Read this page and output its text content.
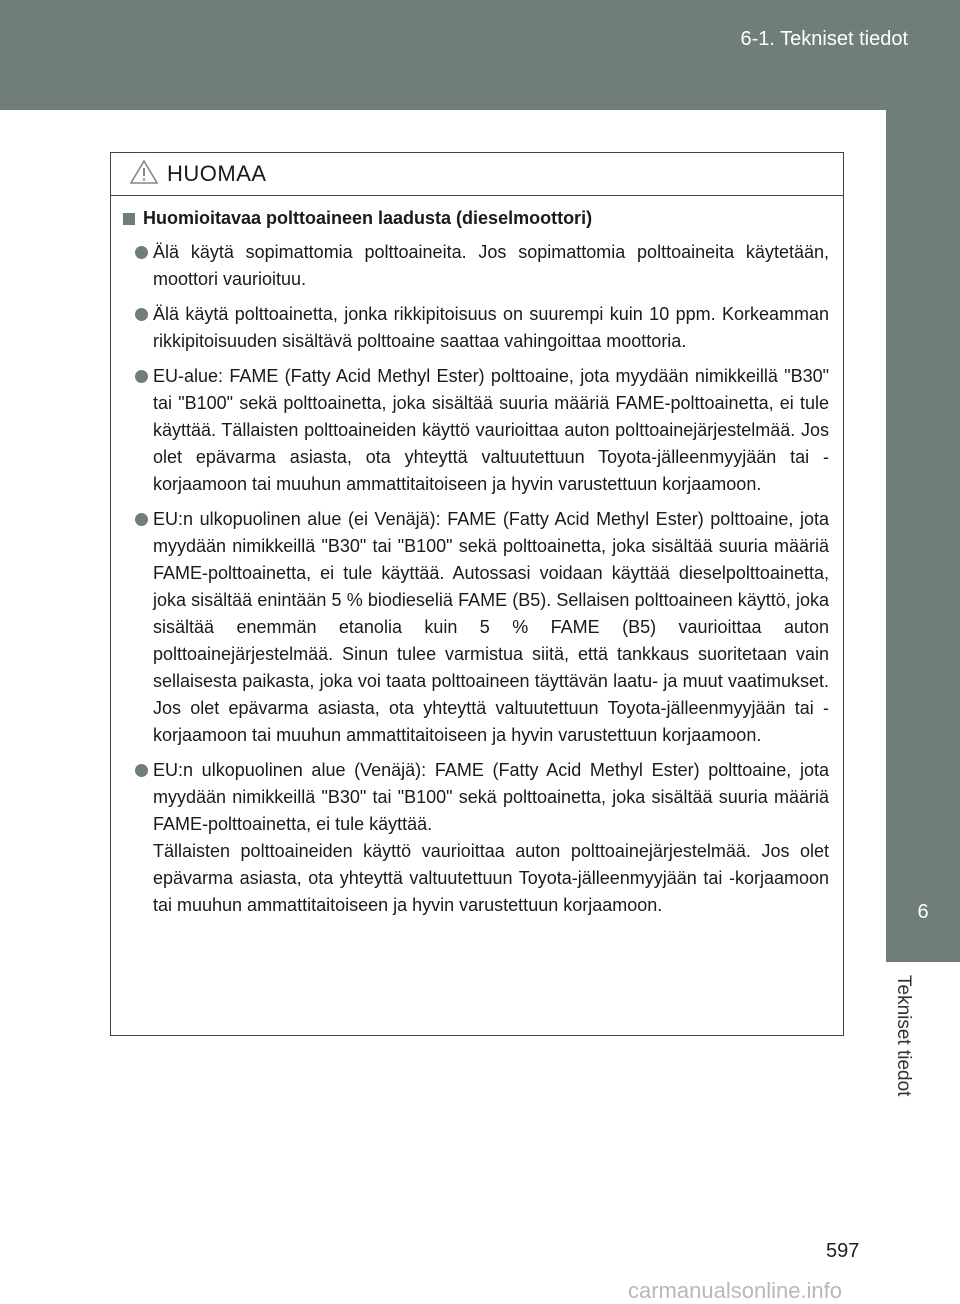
6-1. Tekniset tiedot
6
Tekniset tiedot
HUOMAA
Huomioitavaa polttoaineen laadusta (dieselmoottori)

Älä käytä sopimattomia polttoaineita. Jos sopimattomia polttoaineita käytetään, moottori vaurioituu.

Älä käytä polttoainetta, jonka rikkipitoisuus on suurempi kuin 10 ppm. Korkeamman rikkipitoisuuden sisältävä polttoaine saattaa vahingoittaa moottoria.

EU-alue: FAME (Fatty Acid Methyl Ester) polttoaine, jota myydään nimikkeillä "B30" tai "B100" sekä polttoainetta, joka sisältää suuria määriä FAME-polttoainetta, ei tule käyttää. Tällaisten polttoaineiden käyttö vaurioittaa auton polttoainejärjestelmää. Jos olet epävarma asiasta, ota yhteyttä valtuutettuun Toyota-jälleenmyyjään tai -korjaamoon tai muuhun ammattitaitoiseen ja hyvin varustettuun korjaamoon.

EU:n ulkopuolinen alue (ei Venäjä): FAME (Fatty Acid Methyl Ester) polttoaine, jota myydään nimikkeillä "B30" tai "B100" sekä polttoainetta, joka sisältää suuria määriä FAME-polttoainetta, ei tule käyttää. Autossasi voidaan käyttää dieselpolttoainetta, joka sisältää enintään 5 % biodieseliä FAME (B5). Sellaisen polttoaineen käyttö, joka sisältää enemmän etanolia kuin 5 % FAME (B5) vaurioittaa auton polttoainejärjestelmää. Sinun tulee varmistua siitä, että tankkaus suoritetaan vain sellaisesta paikasta, joka voi taata polttoaineen täyttävän laatu- ja muut vaatimukset. Jos olet epävarma asiasta, ota yhteyttä valtuutettuun Toyota-jälleenmyyjään tai -korjaamoon tai muuhun ammattitaitoiseen ja hyvin varustettuun korjaamoon.

EU:n ulkopuolinen alue (Venäjä): FAME (Fatty Acid Methyl Ester) polttoaine, jota myydään nimikkeillä "B30" tai "B100" sekä polttoainetta, joka sisältää suuria määriä FAME-polttoainetta, ei tule käyttää.

Tällaisten polttoaineiden käyttö vaurioittaa auton polttoainejärjestelmää. Jos olet epävarma asiasta, ota yhteyttä valtuutettuun Toyota-jälleenmyyjään tai -korjaamoon tai muuhun ammattitaitoiseen ja hyvin varustettuun korjaamoon.

597
carmanualsonline.info
